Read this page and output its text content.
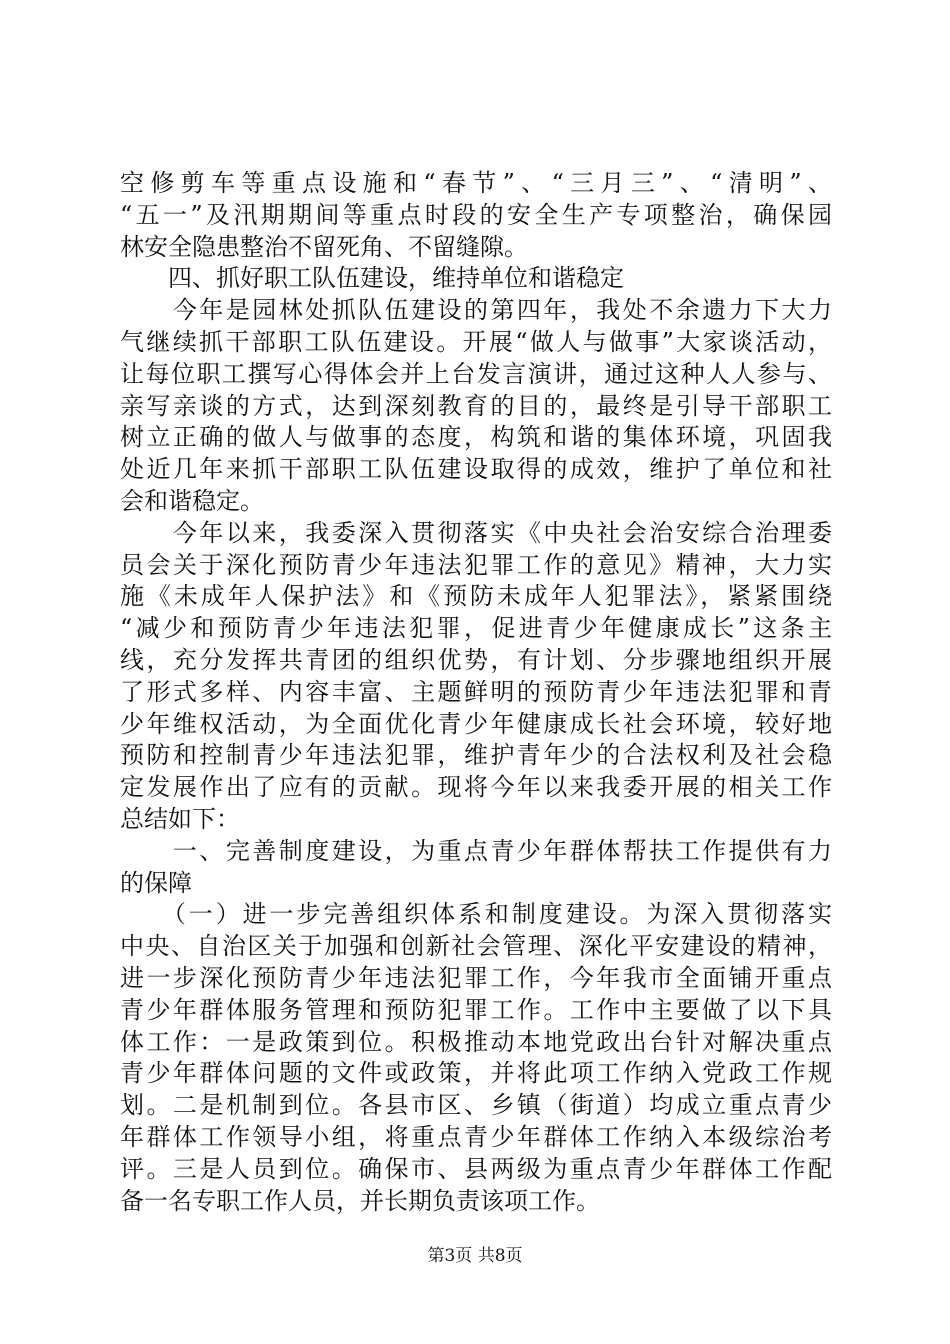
空修剪车等重点设施和“春节”、“三月三”、“清明”、
“五一”及汛期期间等重点时段的安全生产专项整治，确保园
林安全隐患整治不留死角、不留缝隙。
　　四、抓好职工队伍建设，维持单位和谐稳定
　　今年是园林处抓队伍建设的第四年，我处不余遗力下大力
气继续抓干部职工队伍建设。开展“做人与做事”大家谈活动，
让每位职工撰写心得体会并上台发言演讲，通过这种人人参与、
亲写亲谈的方式，达到深刻教育的目的，最终是引导干部职工
树立正确的做人与做事的态度，构筑和谐的集体环境，巩固我
处近几年来抓干部职工队伍建设取得的成效，维护了单位和社
会和谐稳定。
　　今年以来，我委深入贯彻落实《中央社会治安综合治理委
员会关于深化预防青少年违法犯罪工作的意见》精神，大力实
施《未成年人保护法》和《预防未成年人犯罪法》，紧紧围绕
“减少和预防青少年违法犯罪，促进青少年健康成长”这条主
线，充分发挥共青团的组织优势，有计划、分步骤地组织开展
了形式多样、内容丰富、主题鲜明的预防青少年违法犯罪和青
少年维权活动，为全面优化青少年健康成长社会环境，较好地
预防和控制青少年违法犯罪，维护青年少的合法权利及社会稳
定发展作出了应有的贡献。现将今年以来我委开展的相关工作
总结如下：
　　一、完善制度建设，为重点青少年群体帮扶工作提供有力
的保障
　　（一）进一步完善组织体系和制度建设。为深入贯彻落实
中央、自治区关于加强和创新社会管理、深化平安建设的精神，
进一步深化预防青少年违法犯罪工作，今年我市全面铺开重点
青少年群体服务管理和预防犯罪工作。工作中主要做了以下具
体工作：一是政策到位。积极推动本地党政出台针对解决重点
青少年群体问题的文件或政策，并将此项工作纳入党政工作规
划。二是机制到位。各县市区、乡镇（街道）均成立重点青少
年群体工作领导小组，将重点青少年群体工作纳入本级综治考
评。三是人员到位。确保市、县两级为重点青少年群体工作配
备一名专职工作人员，并长期负责该项工作。
第3页 共8页
